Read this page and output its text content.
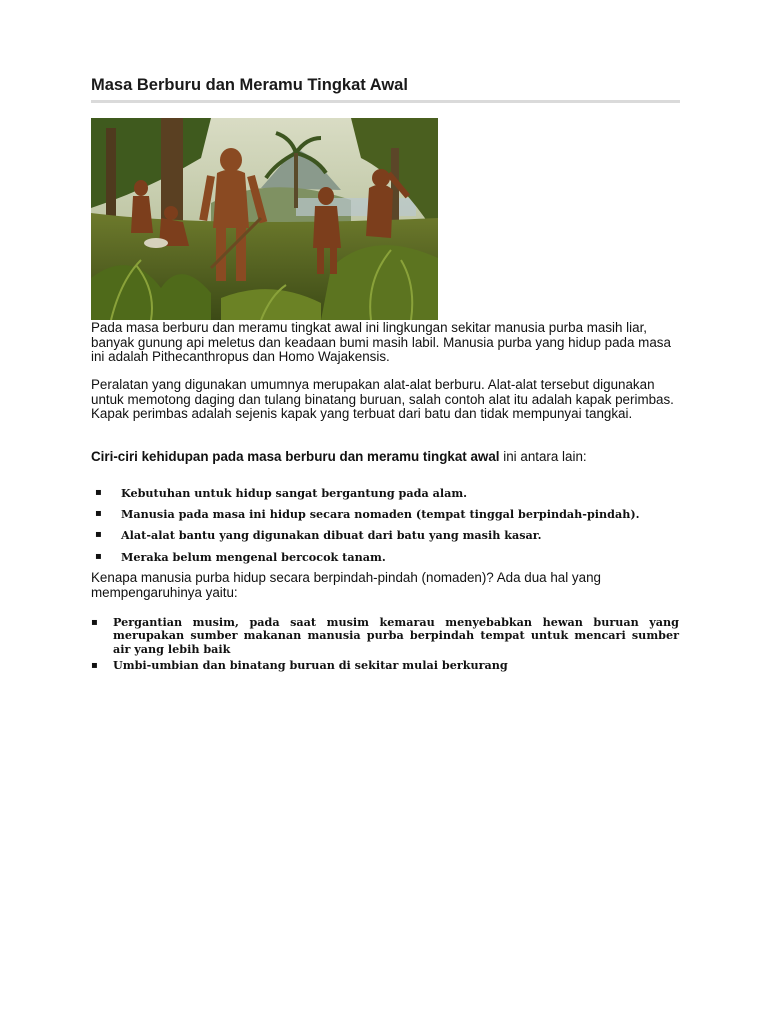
Masa Berburu dan Meramu Tingkat Awal

Pada masa berburu dan meramu tingkat awal ini lingkungan sekitar manusia purba masih liar, banyak gunung api meletus dan keadaan bumi masih labil. Manusia purba yang hidup pada masa ini adalah Pithecanthropus dan Homo Wajakensis.

Peralatan yang digunakan umumnya merupakan alat-alat berburu. Alat-alat tersebut digunakan untuk memotong daging dan tulang binatang buruan, salah contoh alat itu adalah kapak perimbas. Kapak perimbas adalah sejenis kapak yang terbuat dari batu dan tidak mempunyai tangkai.

Ciri-ciri kehidupan pada masa berburu dan meramu tingkat awal ini antara lain:

▪ Kebutuhan untuk hidup sangat bergantung pada alam.
▪ Manusia pada masa ini hidup secara nomaden (tempat tinggal berpindah-pindah).
▪ Alat-alat bantu yang digunakan dibuat dari batu yang masih kasar.
▪ Meraka belum mengenal bercocok tanam.

Kenapa manusia purba hidup secara berpindah-pindah (nomaden)? Ada dua hal yang mempengaruhinya yaitu:

▪ Pergantian musim, pada saat musim kemarau menyebabkan hewan buruan yang merupakan sumber makanan manusia purba berpindah tempat untuk mencari sumber air yang lebih baik
▪ Umbi-umbian dan binatang buruan di sekitar mulai berkurang
